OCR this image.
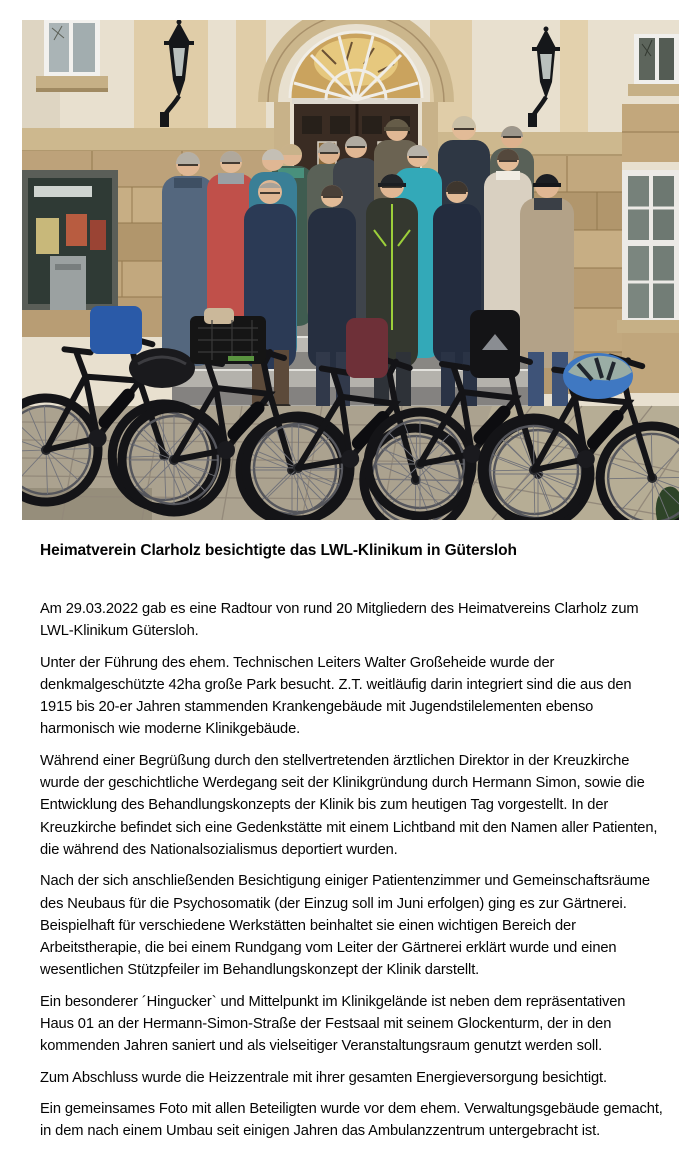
Heimatverein Clarholz besichtigte das LWL-Klinikum in Gütersloh

Am 29.03.2022 gab es eine Radtour von rund 20 Mitgliedern des Heimatvereins Clarholz zum LWL-Klinikum Gütersloh.

Unter der Führung des ehem. Technischen Leiters Walter Großeheide wurde der denkmalgeschützte 42ha große Park besucht. Z.T. weitläufig darin integriert sind die aus den 1915 bis 20-er Jahren stammenden Krankengebäude mit Jugendstilelementen ebenso harmonisch wie moderne Klinikgebäude.

Während einer Begrüßung durch den stellvertretenden ärztlichen Direktor in der Kreuzkirche wurde der geschichtliche Werdegang seit der Klinikgründung durch Hermann Simon, sowie die Entwicklung des Behandlungskonzepts der Klinik bis zum heutigen Tag vorgestellt. In der Kreuzkirche befindet sich eine Gedenkstätte mit einem Lichtband mit den Namen aller Patienten, die während des Nationalsozialismus deportiert wurden.

Nach der sich anschließenden Besichtigung einiger Patientenzimmer und Gemeinschaftsräume des Neubaus für die Psychosomatik (der Einzug soll im Juni erfolgen) ging es zur Gärtnerei. Beispielhaft für verschiedene Werkstätten beinhaltet sie einen wichtigen Bereich der Arbeitstherapie, die bei einem Rundgang vom Leiter der Gärtnerei erklärt wurde und einen wesentlichen Stützpfeiler im Behandlungskonzept der Klinik darstellt.

Ein besonderer ´Hingucker` und Mittelpunkt im Klinikgelände ist neben dem repräsentativen Haus 01 an der Hermann-Simon-Straße der Festsaal mit seinem Glockenturm, der in den kommenden Jahren saniert und als vielseitiger Veranstaltungsraum genutzt werden soll.

Zum Abschluss wurde die Heizzentrale mit ihrer gesamten Energieversorgung besichtigt.

Ein gemeinsames Foto mit allen Beteiligten wurde vor dem ehem. Verwaltungsgebäude gemacht, in dem nach einem Umbau seit einigen Jahren das Ambulanzzentrum untergebracht ist.
